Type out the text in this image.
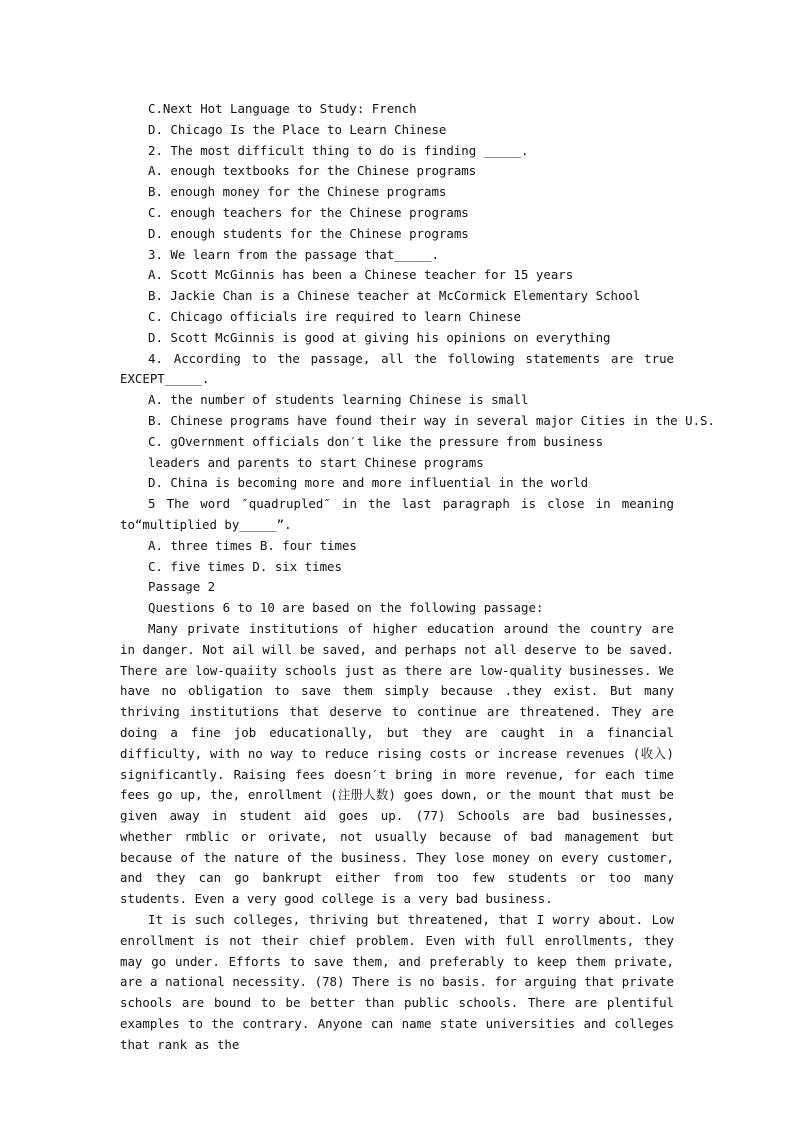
C.Next Hot Language to Study: French

D. Chicago Is the Place to Learn Chinese

2. The most difficult thing to do is finding _____.

A. enough textbooks for the Chinese programs

B. enough money for the Chinese programs

C. enough teachers for the Chinese programs

D. enough students for the Chinese programs

3. We learn from the passage that_____.

A. Scott McGinnis has been a Chinese teacher for 15 years

B. Jackie Chan is a Chinese teacher at McCormick Elementary School

C. Chicago officials ire required to learn Chinese

D. Scott McGinnis is good at giving his opinions on everything

4. According to the passage, all the following statements are true

EXCEPT_____.

A. the number of students learning Chinese is small

B. Chinese programs have found their way in several major Cities in the U.S.

C. gOvernment officials don′t like the pressure from business

leaders and parents to start Chinese programs

D. China is becoming more and more influential in the world

5 The word ″quadrupled″ in the last paragraph is close in meaning

to“multiplied by_____”.

A. three times B. four times

C. five times D. six times

Passage 2

Questions 6 to 10 are based on the following passage:

Many private institutions of higher education around the country are in danger. Not ail will be saved, and perhaps not all deserve to be saved. There are low-quaiity schools just as there are low-quality businesses. We have no obligation to save them simply because .they exist. But many thriving institutions that deserve to continue are threatened. They are doing a fine job educationally, but they are caught in a financial difficulty, with no way to reduce rising costs or increase revenues (收入) significantly. Raising fees doesn′t bring in more revenue, for each time fees go up, the, enrollment (注册人数) goes down, or the mount that must be given away in student aid goes up. (77) Schools are bad businesses, whether rmblic or orivate, not usually because of bad management but because of the nature of the business. They lose money on every customer, and they can go bankrupt either from too few students or too many students. Even a very good college is a very bad business.

It is such colleges, thriving but threatened, that I worry about. Low enrollment is not their chief problem. Even with full enrollments, they may go under. Efforts to save them, and preferably to keep them private, are a national necessity. (78) There is no basis. for arguing that private schools are bound to be better than public schools. There are plentiful examples to the contrary. Anyone can name state universities and colleges that rank as the
